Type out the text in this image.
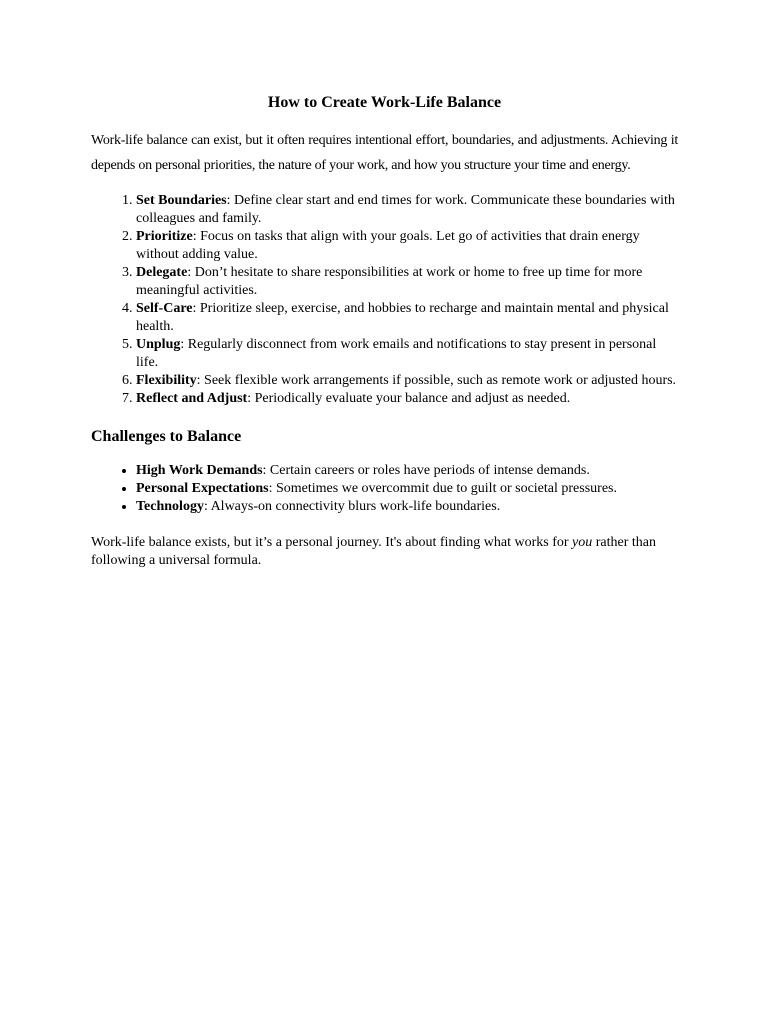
How to Create Work-Life Balance

Work-life balance can exist, but it often requires intentional effort, boundaries, and adjustments. Achieving it depends on personal priorities, the nature of your work, and how you structure your time and energy.

1. Set Boundaries: Define clear start and end times for work. Communicate these boundaries with colleagues and family.
2. Prioritize: Focus on tasks that align with your goals. Let go of activities that drain energy without adding value.
3. Delegate: Don’t hesitate to share responsibilities at work or home to free up time for more meaningful activities.
4. Self-Care: Prioritize sleep, exercise, and hobbies to recharge and maintain mental and physical health.
5. Unplug: Regularly disconnect from work emails and notifications to stay present in personal life.
6. Flexibility: Seek flexible work arrangements if possible, such as remote work or adjusted hours.
7. Reflect and Adjust: Periodically evaluate your balance and adjust as needed.
Challenges to Balance
• High Work Demands: Certain careers or roles have periods of intense demands.
• Personal Expectations: Sometimes we overcommit due to guilt or societal pressures.
• Technology: Always-on connectivity blurs work-life boundaries.

Work-life balance exists, but it’s a personal journey. It's about finding what works for you rather than following a universal formula.
